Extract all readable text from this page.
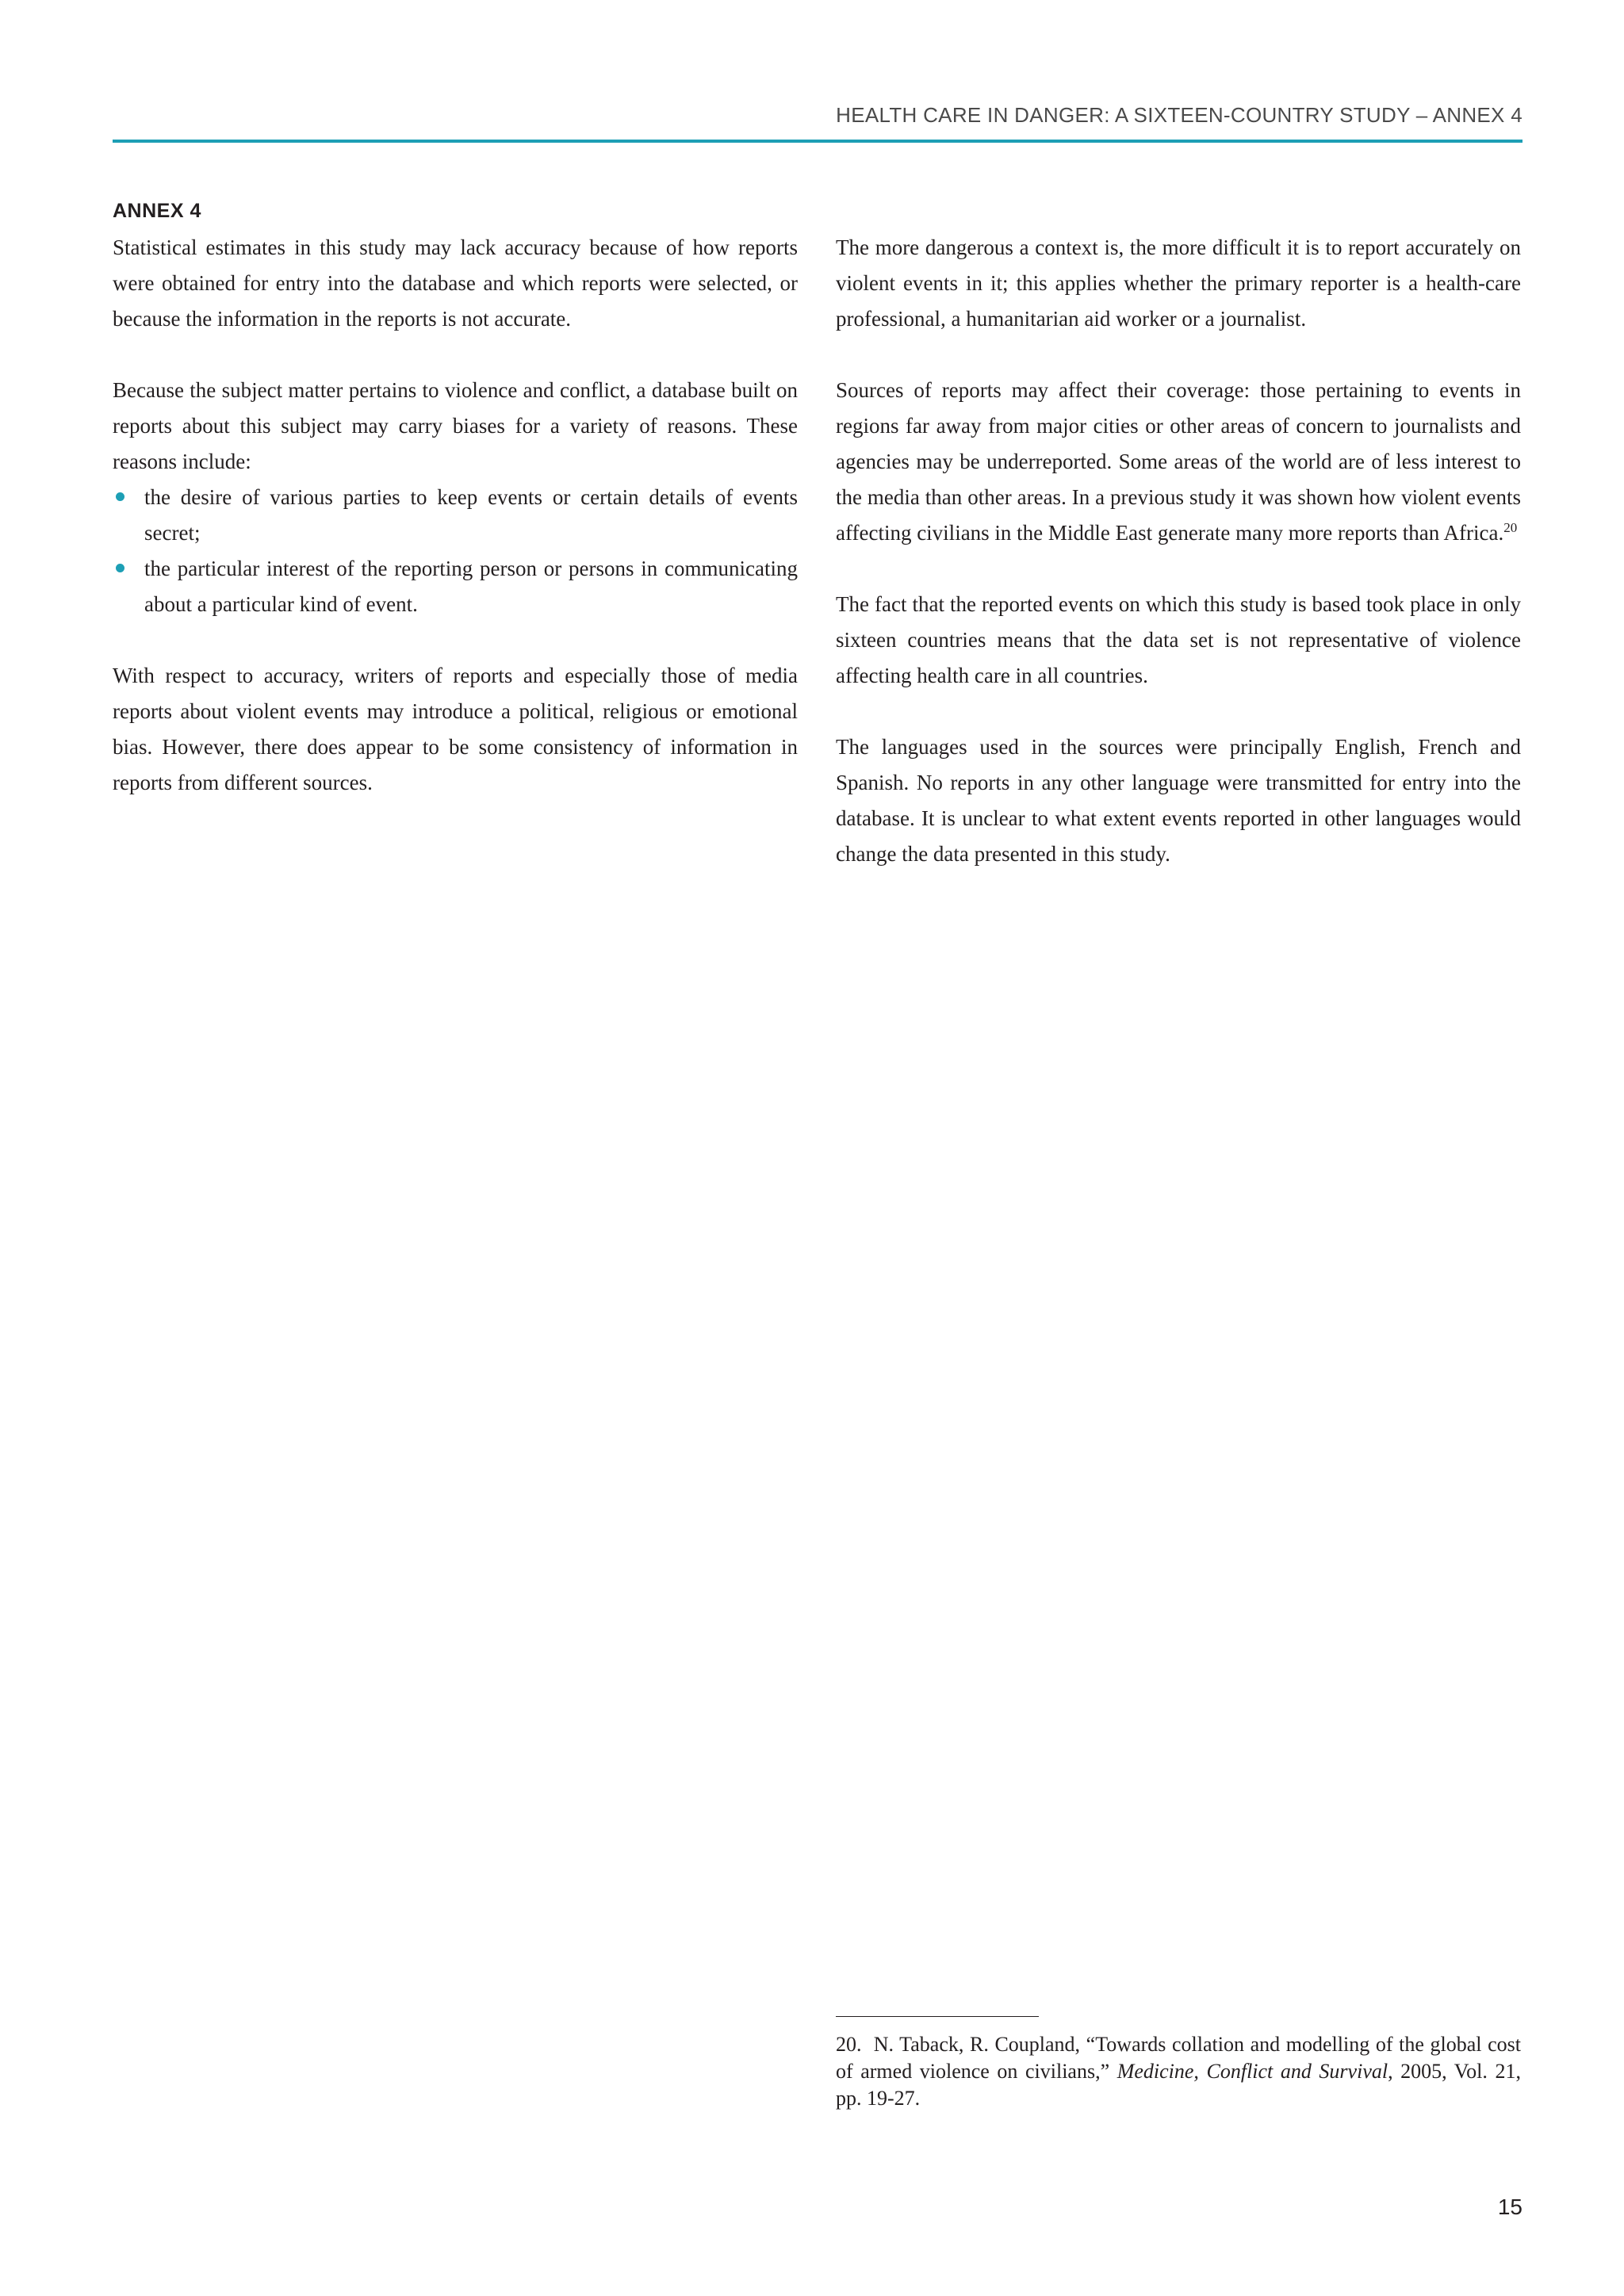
HEALTH CARE IN DANGER: A SIXTEEN-COUNTRY STUDY – ANNEX 4
ANNEX 4

Statistical estimates in this study may lack accuracy because of how reports were obtained for entry into the database and which reports were selected, or because the information in the reports is not accurate.

Because the subject matter pertains to violence and conflict, a database built on reports about this subject may carry biases for a variety of reasons. These reasons include:

the desire of various parties to keep events or certain details of events secret;
the particular interest of the reporting person or persons in communicating about a particular kind of event.

With respect to accuracy, writers of reports and especially those of media reports about violent events may introduce a political, religious or emotional bias. However, there does appear to be some consistency of information in reports from different sources.

The more dangerous a context is, the more difficult it is to report accurately on violent events in it; this applies whether the primary reporter is a health-care professional, a humanitarian aid worker or a journalist.

Sources of reports may affect their coverage: those pertaining to events in regions far away from major cities or other areas of concern to journalists and agencies may be underreported. Some areas of the world are of less interest to the media than other areas. In a previous study it was shown how violent events affecting civilians in the Middle East generate many more reports than Africa.$^{20}$

The fact that the reported events on which this study is based took place in only sixteen countries means that the data set is not representative of violence affecting health care in all countries.

The languages used in the sources were principally English, French and Spanish. No reports in any other language were transmitted for entry into the database. It is unclear to what extent events reported in other languages would change the data presented in this study.

20. N. Taback, R. Coupland, “Towards collation and modelling of the global cost of armed violence on civilians,” Medicine, Conflict and Survival, 2005, Vol. 21, pp. 19-27.
15
